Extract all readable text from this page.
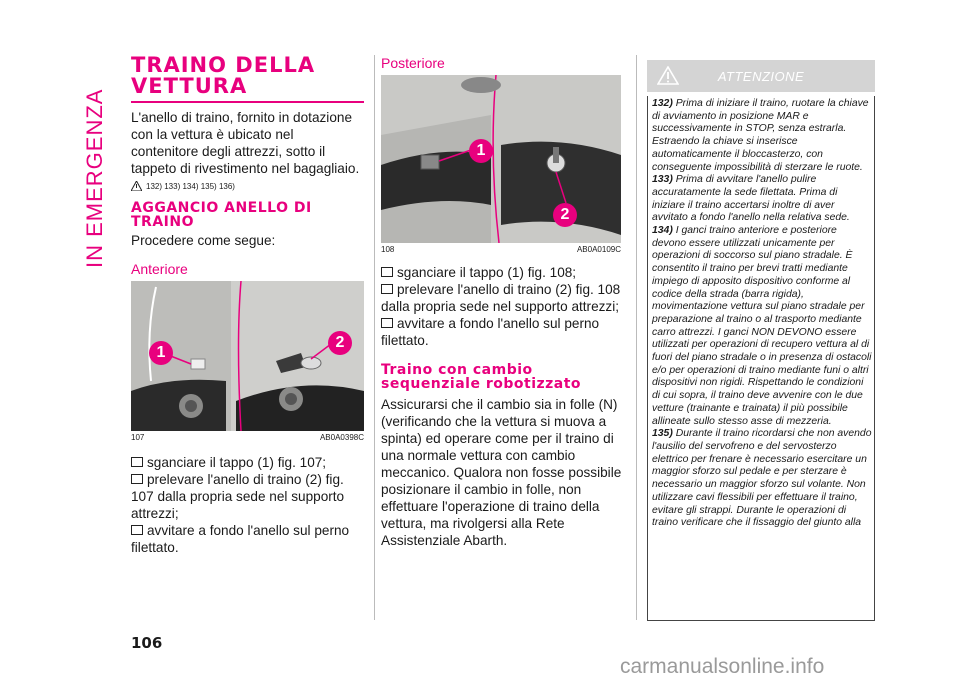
IN EMERGENZA
TRAINO DELLA
VETTURA

L'anello di traino, fornito in dotazione con la vettura è ubicato nel contenitore degli attrezzi, sotto il tappeto di rivestimento nel bagagliaio.

132) 133) 134) 135) 136)
AGGANCIO ANELLO DI
TRAINO

Procedere come segue:

Anteriore
1
2
107	AB0A0398C
sganciare il tappo (1) fig. 107;
prelevare l'anello di traino (2) fig. 107 dalla propria sede nel supporto attrezzi;
avvitare a fondo l'anello sul perno filettato.
Posteriore
1
2
108	AB0A0109C
sganciare il tappo (1) fig. 108;
prelevare l'anello di traino (2) fig. 108 dalla propria sede nel supporto attrezzi;
avvitare a fondo l'anello sul perno filettato.
Traino con cambio
sequenziale robotizzato

Assicurarsi che il cambio sia in folle (N) (verificando che la vettura si muova a spinta) ed operare come per il traino di una normale vettura con cambio meccanico. Qualora non fosse possibile posizionare il cambio in folle, non effettuare l'operazione di traino della vettura, ma rivolgersi alla Rete Assistenziale Abarth.

ATTENZIONE

132) Prima di iniziare il traino, ruotare la chiave di avviamento in posizione MAR e successivamente in STOP, senza estrarla. Estraendo la chiave si inserisce automaticamente il bloccasterzo, con conseguente impossibilità di sterzare le ruote.

133) Prima di avvitare l'anello pulire accuratamente la sede filettata. Prima di iniziare il traino accertarsi inoltre di aver avvitato a fondo l'anello nella relativa sede.

134) I ganci traino anteriore e posteriore devono essere utilizzati unicamente per operazioni di soccorso sul piano stradale. È consentito il traino per brevi tratti mediante impiego di apposito dispositivo conforme al codice della strada (barra rigida), movimentazione vettura sul piano stradale per preparazione al traino o al trasporto mediante carro attrezzi. I ganci NON DEVONO essere utilizzati per operazioni di recupero vettura al di fuori del piano stradale o in presenza di ostacoli e/o per operazioni di traino mediante funi o altri dispositivi non rigidi. Rispettando le condizioni di cui sopra, il traino deve avvenire con le due vetture (trainante e trainata) il più possibile allineate sullo stesso asse di mezzeria.

135) Durante il traino ricordarsi che non avendo l'ausilio del servofreno e del servosterzo elettrico per frenare è necessario esercitare un maggior sforzo sul pedale e per sterzare è necessario un maggior sforzo sul volante. Non utilizzare cavi flessibili per effettuare il traino, evitare gli strappi. Durante le operazioni di traino verificare che il fissaggio del giunto alla

106
carmanualsonline.info
